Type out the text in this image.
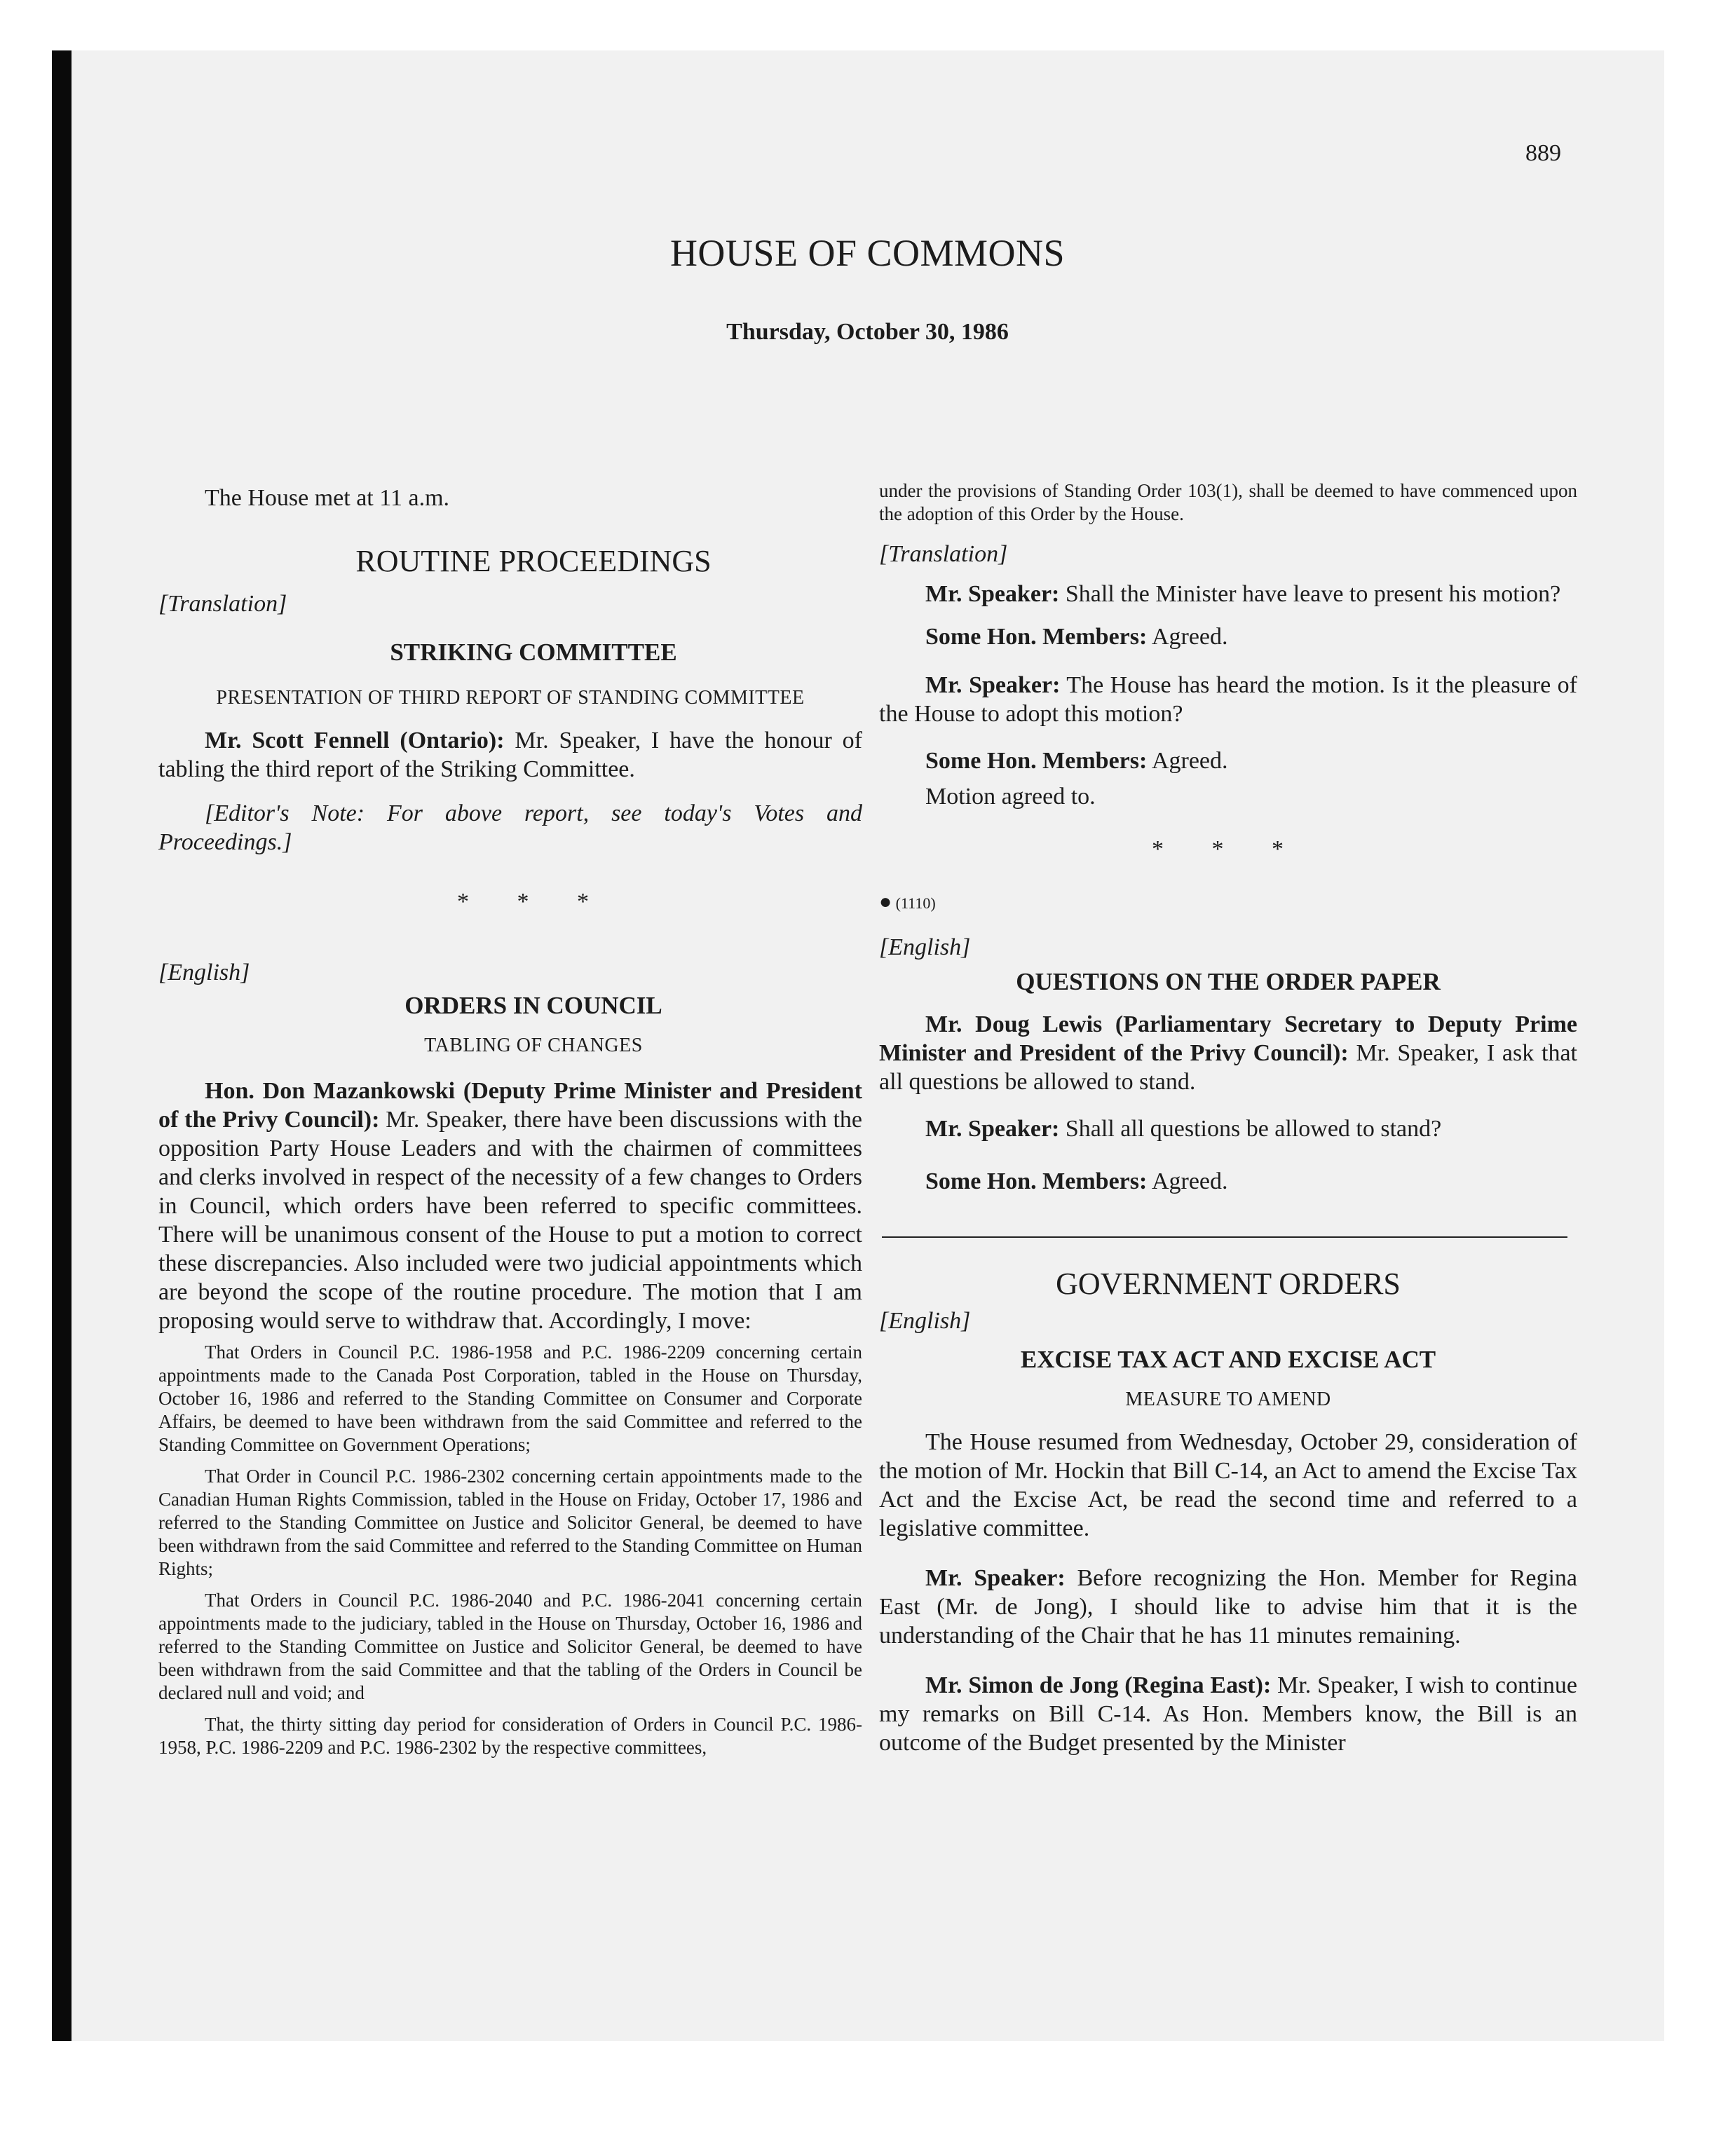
889
HOUSE OF COMMONS
Thursday, October 30, 1986

The House met at 11 a.m.

ROUTINE PROCEEDINGS

[Translation]

STRIKING COMMITTEE

PRESENTATION OF THIRD REPORT OF STANDING COMMITTEE

Mr. Scott Fennell (Ontario): Mr. Speaker, I have the honour of tabling the third report of the Striking Committee.

[Editor's Note: For above report, see today's Votes and Proceedings.]

* * *

[English]

ORDERS IN COUNCIL

TABLING OF CHANGES

Hon. Don Mazankowski (Deputy Prime Minister and President of the Privy Council): Mr. Speaker, there have been discussions with the opposition Party House Leaders and with the chairmen of committees and clerks involved in respect of the necessity of a few changes to Orders in Council, which orders have been referred to specific committees. There will be unanimous consent of the House to put a motion to correct these discrepancies. Also included were two judicial appointments which are beyond the scope of the routine procedure. The motion that I am proposing would serve to withdraw that. Accordingly, I move:

That Orders in Council P.C. 1986-1958 and P.C. 1986-2209 concerning certain appointments made to the Canada Post Corporation, tabled in the House on Thursday, October 16, 1986 and referred to the Standing Committee on Consumer and Corporate Affairs, be deemed to have been withdrawn from the said Committee and referred to the Standing Committee on Government Operations;

That Order in Council P.C. 1986-2302 concerning certain appointments made to the Canadian Human Rights Commission, tabled in the House on Friday, October 17, 1986 and referred to the Standing Committee on Justice and Solicitor General, be deemed to have been withdrawn from the said Committee and referred to the Standing Committee on Human Rights;

That Orders in Council P.C. 1986-2040 and P.C. 1986-2041 concerning certain appointments made to the judiciary, tabled in the House on Thursday, October 16, 1986 and referred to the Standing Committee on Justice and Solicitor General, be deemed to have been withdrawn from the said Committee and that the tabling of the Orders in Council be declared null and void; and

That, the thirty sitting day period for consideration of Orders in Council P.C. 1986-1958, P.C. 1986-2209 and P.C. 1986-2302 by the respective committees,

under the provisions of Standing Order 103(1), shall be deemed to have commenced upon the adoption of this Order by the House.

[Translation]

Mr. Speaker: Shall the Minister have leave to present his motion?

Some Hon. Members: Agreed.

Mr. Speaker: The House has heard the motion. Is it the pleasure of the House to adopt this motion?

Some Hon. Members: Agreed.

Motion agreed to.

* * *

● (1110)

[English]

QUESTIONS ON THE ORDER PAPER

Mr. Doug Lewis (Parliamentary Secretary to Deputy Prime Minister and President of the Privy Council): Mr. Speaker, I ask that all questions be allowed to stand.

Mr. Speaker: Shall all questions be allowed to stand?

Some Hon. Members: Agreed.

GOVERNMENT ORDERS

[English]

EXCISE TAX ACT AND EXCISE ACT

MEASURE TO AMEND

The House resumed from Wednesday, October 29, consideration of the motion of Mr. Hockin that Bill C-14, an Act to amend the Excise Tax Act and the Excise Act, be read the second time and referred to a legislative committee.

Mr. Speaker: Before recognizing the Hon. Member for Regina East (Mr. de Jong), I should like to advise him that it is the understanding of the Chair that he has 11 minutes remaining.

Mr. Simon de Jong (Regina East): Mr. Speaker, I wish to continue my remarks on Bill C-14. As Hon. Members know, the Bill is an outcome of the Budget presented by the Minister
